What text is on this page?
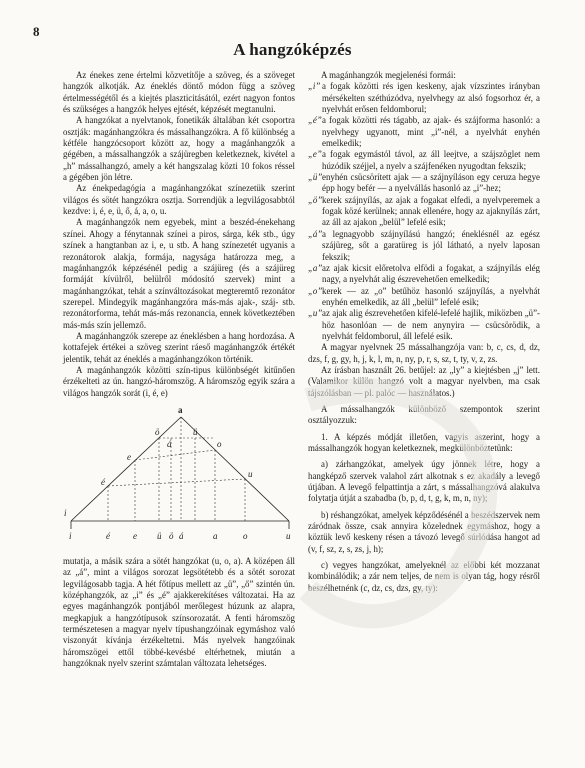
8
A hangzóképzés

Az énekes zene értelmi közvetítője a szöveg, és a szöveget hangzók alkotják. Az éneklés döntő módon függ a szöveg értelmességétől és a kiejtés plaszticitásától, ezért nagyon fontos és szükséges a hangzók helyes ejtését, képzését megtanulni.

A hangzókat a nyelvtanok, fonetikák általában két csoportra osztják: magánhangzókra és mássalhangzókra. A fő különbség a kétféle hangzócsoport között az, hogy a magánhangzók a gégében, a mássalhangzók a szájüregben keletkeznek, kivétel a „h” mássalhangzó, amely a két hangszalag közti 10 fokos réssel a gégében jön létre.

Az énekpedagógia a magánhangzókat színezetük szerint világos és sötét hangzókra osztja. Sorrendjük a legvilágosabbtól kezdve: i, é, e, ü, ő, á, a, o, u.

A magánhangzók nem egyebek, mint a beszéd-énekehang színei. Ahogy a fénytannak színei a piros, sárga, kék stb., úgy színek a hangtanban az i, e, u stb. A hang színezetét ugyanis a rezonátorok alakja, formája, nagysága határozza meg, a magánhangzók képzésénél pedig a szájüreg (és a szájüreg formáját kívülről, belülről módosító szervek) mint a magánhangzókat, tehát a színváltozásokat megteremtő rezonátor szerepel. Mindegyik magánhangzóra más-más ajak-, száj- stb. rezonátorforma, tehát más-más rezonancia, ennek következtében más-más szín jellemző.

A magánhangzók szerepe az éneklésben a hang hordozása. A kottafejek értékei a szöveg szerint ráeső magánhangzók értékét jelentik, tehát az éneklés a magánhangzókon történik.

A magánhangzók közötti szín-tipus különbségét kitűnően érzékelteti az ún. hangzó-háromszög. A háromszög egyik szára a világos hangzók sorát (i, é, e)

a
ö
á
ü
o
e
é
u
i
i	é	e ü ö á	a	o	u

mutatja, a másik szára a sötét hangzókat (u, o, a). A középen áll az „á”, mint a világos sorozat legsötétebb és a sötét sorozat legvilágosabb tagja. A hét főtípus mellett az „ü”, „ő” szintén ún. középhangzók, az „i” és „é” ajakkerekítéses változatai. Ha az egyes magánhangzók pontjából merőlegest húzunk az alapra, megkapjuk a hangzótípusok színsorozatát. A fenti háromszög természetesen a magyar nyelv típushangzóinak egymáshoz való viszonyát kívánja érzékeltetni. Más nyelvek hangzóinak háromszögei ettől többé-kevésbé eltérhetnek, miután a hangzóknak nyelv szerint számtalan változata lehetséges.

A magánhangzók megjelenési formái:

„i” a fogak közötti rés igen keskeny, ajak vízszintes irányban mérsékelten széthúzódva, nyelvhegy az alsó fogsorhoz ér, a nyelvhát erősen feldomborul;
„é” a fogak közötti rés tágabb, az ajak- és szájforma hasonló: a nyelvhegy ugyanott, mint „i”-nél, a nyelvhát enyhén emelkedik;
„e” a fogak egymástól távol, az áll leejtve, a szájszöglet nem húzódik széjjel, a nyelv a szájfenéken nyugodtan fekszik;
„ü” enyhén csücsörített ajak — a szájnyíláson egy ceruza hegye épp hogy befér — a nyelvállás hasonló az „i”-hez;
„ö” kerek szájnyílás, az ajak a fogakat elfedi, a nyelvperemek a fogak közé kerülnek; annak ellenére, hogy az ajaknyílás zárt, az áll az ajakon „belül” lefelé esik;
„á” a legnagyobb szájnyílású hangzó; éneklésnél az egész szájüreg, sőt a garatüreg is jól látható, a nyelv laposan fekszik;
„a” az ajak kicsit előretolva elfödi a fogakat, a szájnyílás elég nagy, a nyelvhát alig észrevehetően emelkedik;
„o” kerek — az „o” betűhöz hasonló szájnyílás, a nyelvhát enyhén emelkedik, az áll „belül” lefelé esik;
„u” az ajak alig észrevehetően kifelé-lefelé hajlik, miközben „ü”-höz hasonlóan — de nem anynyira — csücsörödik, a nyelvhát feldomborul, áll lefelé esik.

A magyar nyelvnek 25 mássalhangzója van: b, c, cs, d, dz, dzs, f, g, gy, h, j, k, l, m, n, ny, p, r, s, sz, t, ty, v, z, zs.

Az írásban használt 26. betűjel: az „ly” a kiejtésben „j” lett. (Valamikor külön hangzó volt a magyar nyelvben, ma csak tájszólásban — pl. palóc — használatos.)

A mássalhangzók különböző szempontok szerint osztályozzuk:

1. A képzés módját illetően, vagyis aszerint, hogy a mássalhangzók hogyan keletkeznek, megkülönböztetünk:

a) zárhangzókat, amelyek úgy jönnek létre, hogy a hangképző szervek valahol zárt alkotnak s ez akadály a levegő útjában. A levegő felpattintja a zárt, s mássalhangzóvá alakulva folytatja útját a szabadba (b, p, d, t, g, k, m, n, ny);

b) réshangzókat, amelyek képződésénél a beszédszervek nem záródnak össze, csak annyira közelednek egymáshoz, hogy a köztük levő keskeny résen a távozó levegő súrlódása hangot ad (v, f, sz, z, s, zs, j, h);

c) vegyes hangzókat, amelyeknél az előbbi két mozzanat kombinálódik; a zár nem teljes, de nem is olyan tág, hogy résről beszélhetnénk (c, dz, cs, dzs, gy, ty):
